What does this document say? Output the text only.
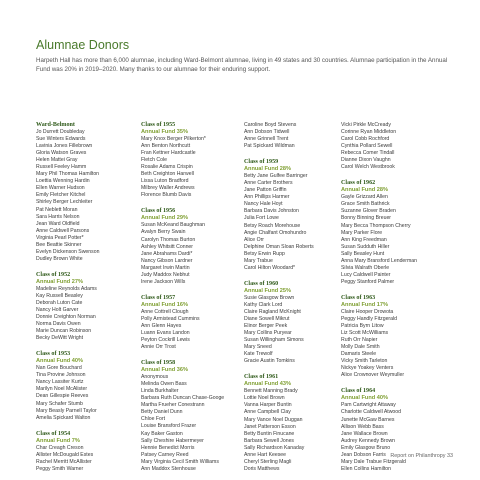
Alumnae Donors

Harpeth Hall has more than 6,000 alumnae, including Ward-Belmont alumnae, living in 49 states and 30 countries. Alumnae participation in the Annual Fund was 20% in 2019–2020. Many thanks to our alumnae for their enduring support.

Ward-Belmont
Jo Durrett Doubleday
Sue Winters Edwards
Lavinia Jones Fillebrown
Gloria Watson Graves
Helen Mattei Gray
Russell Feeley Hamm
Mary Phil Thomas Hamilton
Loettia Wenning Hardin
Ellen Warner Hudson
Emily Fletcher Kitchel
Shirley Berger Lechleiter
Pat Neblett Moran
Sara Harris Nelson
Jean Ward Oldfield
Anne Caldwell Parsons
Virginia Pearl Potter*
Bee Beattie Skinner
Evelyn Dickenson Swenson
Dudley Brown White
Class of 1952
Annual Fund 27%
Madeline Reynolds Adams
Kay Russell Beasley
Deborah Luton Cate
Nancy Holt Garver
Donnie Creighton Norman
Norma Davis Owen
Marie Duncan Robinson
Becky DeWitt Wright
Class of 1953
Annual Fund 40%
Nan Gore Bouchard
Tina Provine Johnson
Nancy Lassiter Kurtz
Marilyn Noel McAlister
Dean Gillespie Reeves
Mary Schafer Stumb
Mary Beasly Parnell Taylor
Amelia Spickard Walton
Class of 1954
Annual Fund 7%
Char Creagh Creson
Allister McDougald Estes
Rachel Merritt McAllister
Peggy Smith Warner
Class of 1955
Annual Fund 35%
Mary Knox Berger Pilkerton*
Ann Benton Northcutt
Fran Kettner Hardcastle
Fletch Cole
Rosalie Adams Crispin
Beth Creighton Harwell
Lissa Luton Bradford
Milbrey Waller Andrews
Florence Blumb Davis
Class of 1956
Annual Fund 29%
Susan McKeand Baughman
Avalyn Berry Swain
Carolyn Thomas Burton
Ashley Whitsitt Conner
Jane Abrahams Dardi*
Nancy Gibson Lardner
Margaret Irwin Martin
Judy Maddox Nebhut
Irene Jackson Wills
Class of 1957
Annual Fund 16%
Anne Cottrell Clough
Polly Armistead Cummins
Ann Glenn Hayes
Luann Evans Landon
Peyton Cockrill Lewis
Annie Orr Trost
Class of 1958
Annual Fund 36%
Anonymous
Melinda Owen Bass
Linda Burkhalter
Barbara Ruth Duncan Chase-Googe
Martha Frueher Conestrann
Betty Daniel Dunn
Chloe Fort
Louise Bransford Frazer
Kay Baker Gaston
Sally Cheshire Habermeyer
Hennie Benedict Morris
Patsey Carney Reed
Mary Virginia Cecil Smith Williams
Ann Maddox Stenhouse
Caroline Boyd Stevens
Ann Dobson Tidwell
Anne Grinnell Trent
Pat Spickard Wildman
Class of 1959
Annual Fund 28%
Betty Jane Gulfee Barringer
Anne Carter Brothers
Jane Patton Griffin
Ann Phillips Harmer
Nancy Hale Hoyt
Barbara Davis Johnston
Julia Fort Lowe
Betsy Roach Morehouse
Angie Chalfant Omohundro
Alice Orr
Delphine Oman Sloan Roberts
Betsy Erwin Rupp
Mary Trabue
Carol Hilton Woodard*
Class of 1960
Annual Fund 25%
Susie Glasgow Brown
Kathy Clark Lord
Claire Ragland McKnight
Diane Sowell Mikrut
Elinor Berger Peek
Mary Collins Puryear
Susan Willingham Simons
Mary Sneed
Kate Trewolf
Gracie Austin Tomkins
Class of 1961
Annual Fund 43%
Bennett Manning Brady
Lottie Noel Brown
Vanna Harper Buntin
Anne Campbell Clay
Mary Vance Noel Duggan
Janet Patterson Esson
Betty Buntin Finucane
Barbara Sewell Jones
Sally Richardson Kanaday
Anne Hart Keesee
Cheryl Sterling Magli
Doris Matthews
Vicki Pirkle McCready
Corinne Ryan Middleton
Carol Cobb Rochford
Cynthia Pollard Sewell
Rebecca Comer Tindall
Dianne Dixon Vaughn
Carol Welch Westbrook
Class of 1962
Annual Fund 28%
Gayle Grizzard Allen
Grace Smith Bathrick
Suzanne Glover Braden
Bonny Binning Breuer
Mary Becca Thompson Cherry
Mary Parker Flore
Ann King Freedman
Susan Sudduth Hiller
Sally Beasley Hunt
Anna Mary Bransford Lenderman
Silvia Walrath Oberle
Lucy Caldwell Painter
Peggy Stanford Palmer
Class of 1963
Annual Fund 17%
Claire Hooper Drowota
Peggy Handly Fitzgerald
Patricia Byrn Litow
Liz Scott McWilliams
Ruth Orr Napier
Molly Dale Smith
Damaris Steele
Vicky Smith Tarleton
Nickye Yoakey Venters
Alice Crownover Weymuller
Class of 1964
Annual Fund 40%
Pam Cartwright Attaway
Charlotte Caldwell Atwood
Junette McGaw Barnes
Allison Webb Bass
Jane Wallace Brown
Audrey Kennedy Brown
Emily Glasgow Bruno
Jean Dobson Farris
Mary Dale Trabue Fitzgerald
Ellen Collins Hamilton
Report on Philanthropy 33
